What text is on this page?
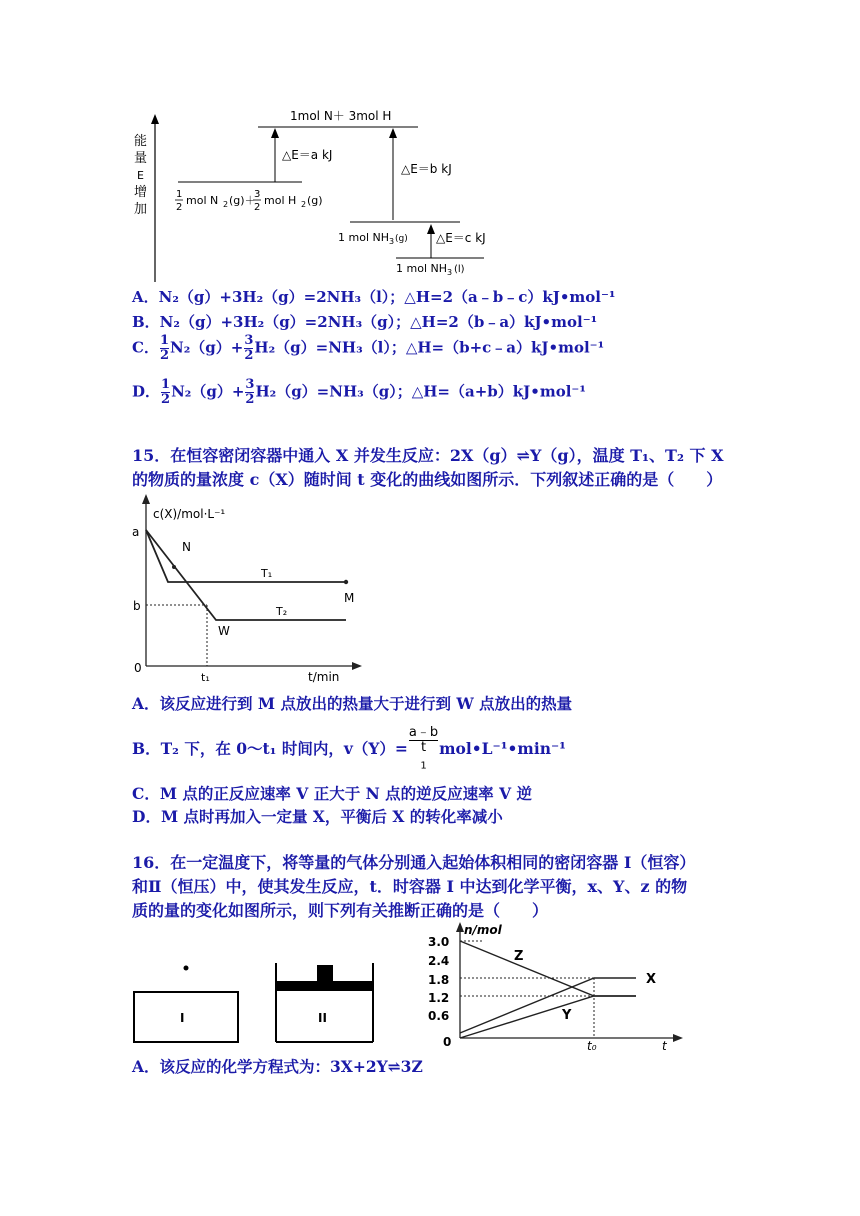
能
量
E
增
加
1mol N＋ 3mol H
1
2
mol N 2 (g)＋
3
2
mol H 2 (g)
△E＝a kJ
△E＝b kJ
1 mol NH 3 (g) △E＝c kJ
1 mol NH 3 (l)
A．N₂（g）+3H₂（g）=2NH₃（l）；△H=2（a﹣b﹣c）kJ•mol⁻¹
B．N₂（g）+3H₂（g）=2NH₃（g）；△H=2（b﹣a）kJ•mol⁻¹
C． $\frac{1}{2} N_2(g)+ \frac{3}{2} H_2(g)=NH_3(l)$；△H=（b+c﹣a）kJ•mol⁻¹
D． $\frac{1}{2} N_2(g)+ \frac{3}{2} H_2(g)=NH_3(g)$；△H=（a+b）kJ•mol⁻¹
15．在恒容密闭容器中通入 X 并发生反应：2X（g）⇌Y（g），温度 T₁、T₂ 下 X
的物质的量浓度 c（X）随时间 t 变化的曲线如图所示．下列叙述正确的是（　　）
c(X)/mol·L⁻¹
t/min
a
b
0
t₁
N
M
W
T₁
T₂
A．该反应进行到 M 点放出的热量大于进行到 W 点放出的热量
B．T₂ 下，在 0～t₁ 时间内，v（Y）= a﹣b
t
$_1$ mol•L⁻¹•min⁻¹
C．M 点的正反应速率 V 正大于 N 点的逆反应速率 V 逆
D．M 点时再加入一定量 X，平衡后 X 的转化率减小
16．在一定温度下，将等量的气体分别通入起始体积相同的密闭容器 I（恒容）
和Ⅱ（恒压）中，使其发生反应，t．时容器 I 中达到化学平衡，x、Y、z 的物
质的量的变化如图所示，则下列有关推断正确的是（　　）
I	II
n/mol
3.0
2.4
1.8
1.2
0.6
0	t₀	t
Z
X
Y
A．该反应的化学方程式为：3X+2Y⇌3Z
